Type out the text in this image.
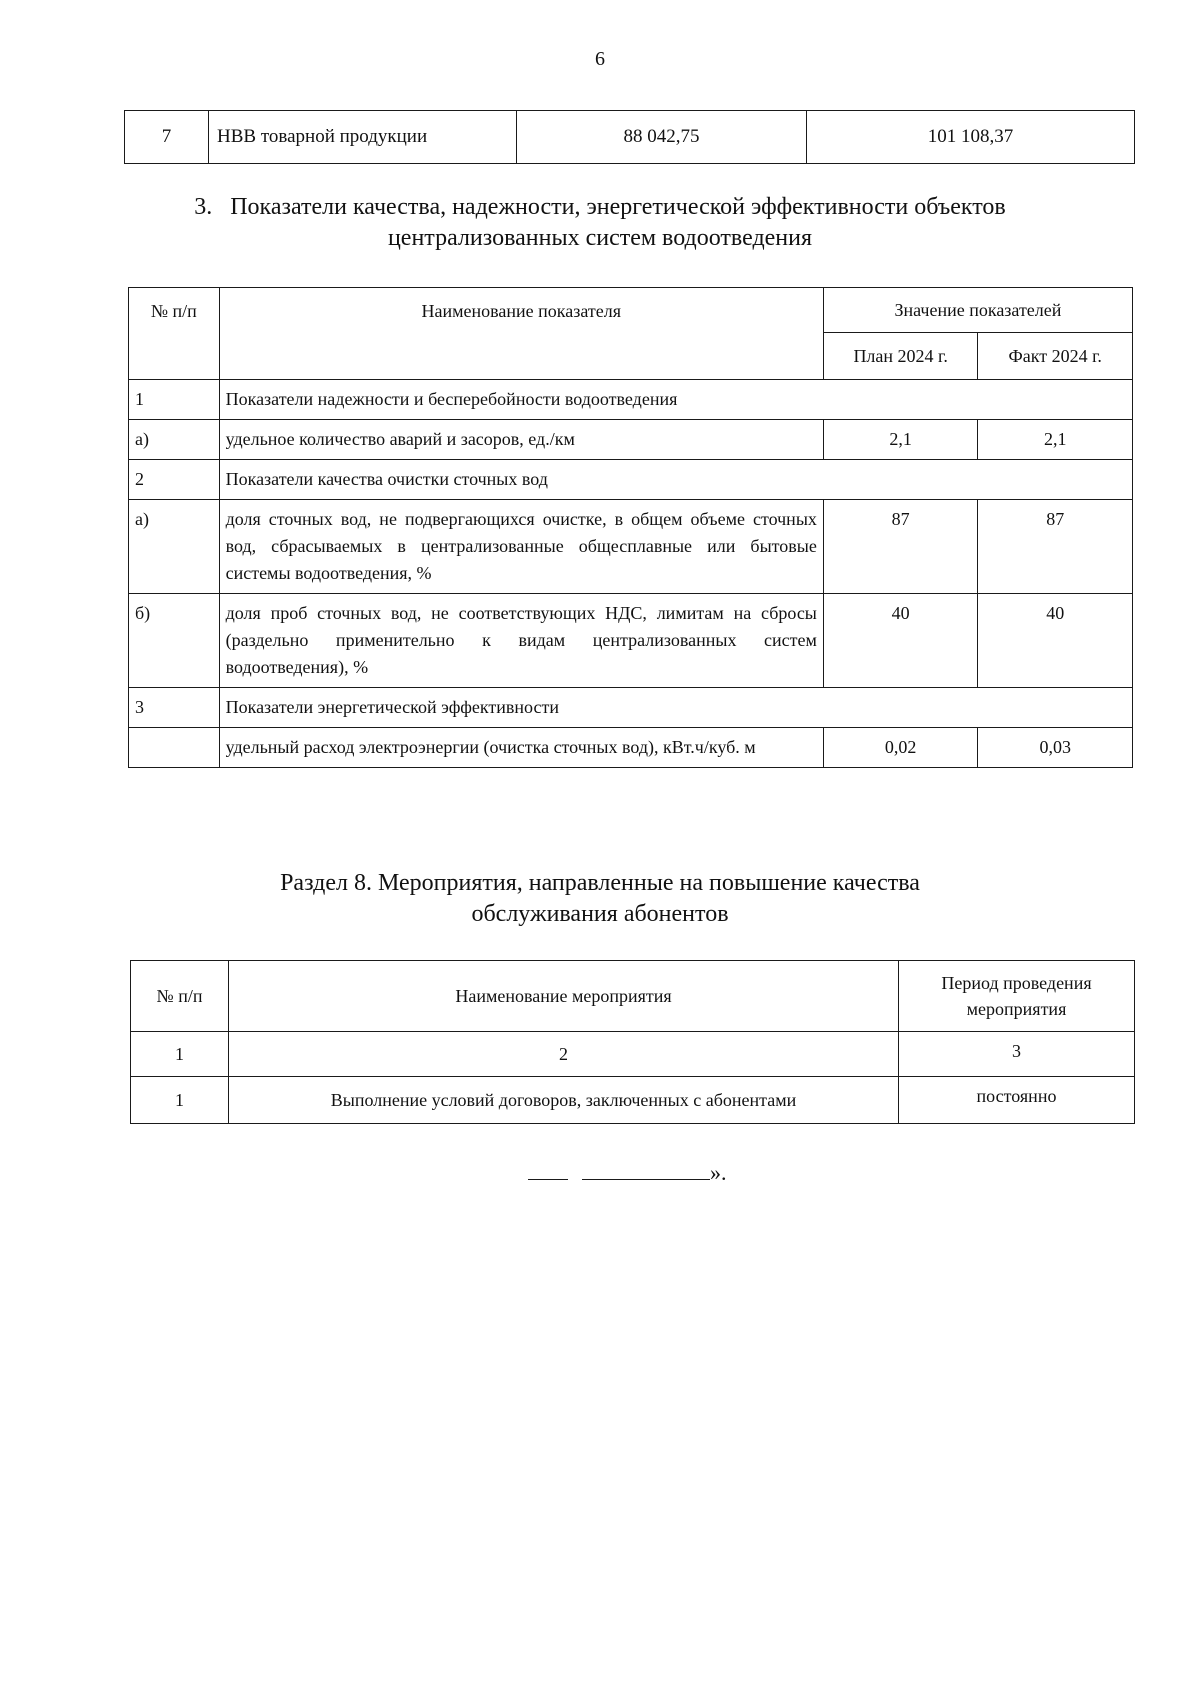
6
7	НВВ товарной продукции	88 042,75	101 108,37
3.   Показатели качества, надежности, энергетической эффективности объектов
централизованных систем водоотведения
№ п/п	Наименование показателя	Значение показателей	
		План 2024 г.	Факт 2024 г.
1	Показатели надежности и бесперебойности водоотведения		
а)	удельное количество аварий и засоров, ед./км	2,1	2,1
2	Показатели качества очистки сточных вод		
а)	доля сточных вод, не подвергающихся очистке, в общем объеме сточных вод, сбрасываемых в централизованные общесплавные или бытовые системы водоотведения, %	87	87
б)	доля проб сточных вод, не соответствующих НДС, лимитам на сбросы (раздельно применительно к видам централизованных систем водоотведения), %	40	40
3	Показатели энергетической эффективности		
	удельный расход электроэнергии (очистка сточных вод), кВт.ч/куб. м	0,02	0,03
Раздел 8. Мероприятия, направленные на повышение качества
обслуживания абонентов
№ п/п	Наименование мероприятия	Период проведения мероприятия
1	2	3
1	Выполнение условий договоров, заключенных с абонентами	постоянно
».
